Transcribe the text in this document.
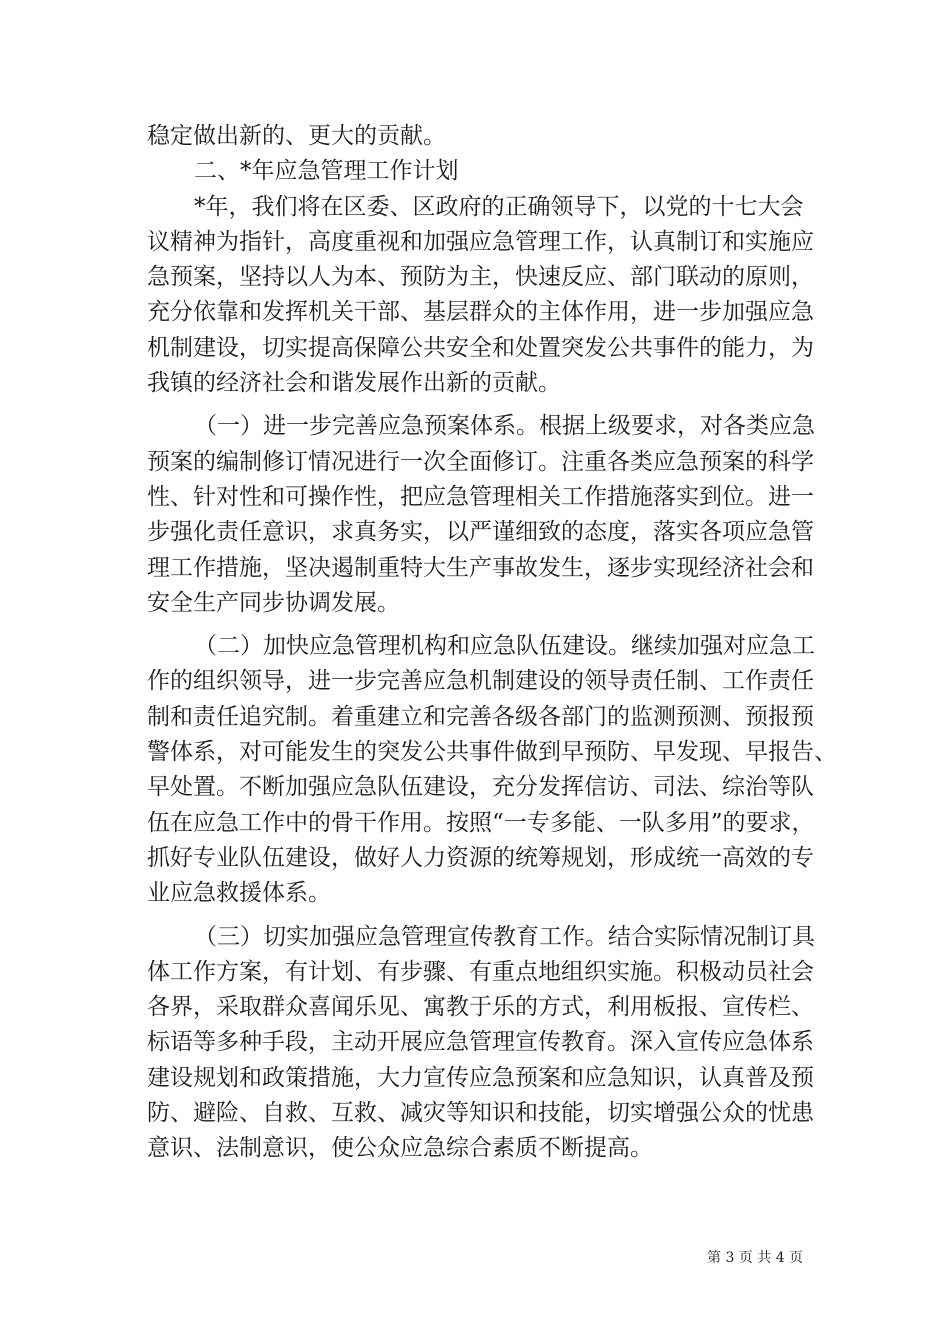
稳定做出新的、更大的贡献。
二、*年应急管理工作计划
*年，我们将在区委、区政府的正确领导下，以党的十七大会
议精神为指针，高度重视和加强应急管理工作，认真制订和实施应
急预案，坚持以人为本、预防为主，快速反应、部门联动的原则，
充分依靠和发挥机关干部、基层群众的主体作用，进一步加强应急
机制建设，切实提高保障公共安全和处置突发公共事件的能力，为
我镇的经济社会和谐发展作出新的贡献。
（一）进一步完善应急预案体系。根据上级要求，对各类应急
预案的编制修订情况进行一次全面修订。注重各类应急预案的科学
性、针对性和可操作性，把应急管理相关工作措施落实到位。进一
步强化责任意识，求真务实，以严谨细致的态度，落实各项应急管
理工作措施，坚决遏制重特大生产事故发生，逐步实现经济社会和
安全生产同步协调发展。
（二）加快应急管理机构和应急队伍建设。继续加强对应急工
作的组织领导，进一步完善应急机制建设的领导责任制、工作责任
制和责任追究制。着重建立和完善各级各部门的监测预测、预报预
警体系，对可能发生的突发公共事件做到早预防、早发现、早报告、
早处置。不断加强应急队伍建设，充分发挥信访、司法、综治等队
伍在应急工作中的骨干作用。按照“一专多能、一队多用”的要求，
抓好专业队伍建设，做好人力资源的统筹规划，形成统一高效的专
业应急救援体系。
（三）切实加强应急管理宣传教育工作。结合实际情况制订具
体工作方案，有计划、有步骤、有重点地组织实施。积极动员社会
各界，采取群众喜闻乐见、寓教于乐的方式，利用板报、宣传栏、
标语等多种手段，主动开展应急管理宣传教育。深入宣传应急体系
建设规划和政策措施，大力宣传应急预案和应急知识，认真普及预
防、避险、自救、互救、减灾等知识和技能，切实增强公众的忧患
意识、法制意识，使公众应急综合素质不断提高。
第 3 页 共 4 页
